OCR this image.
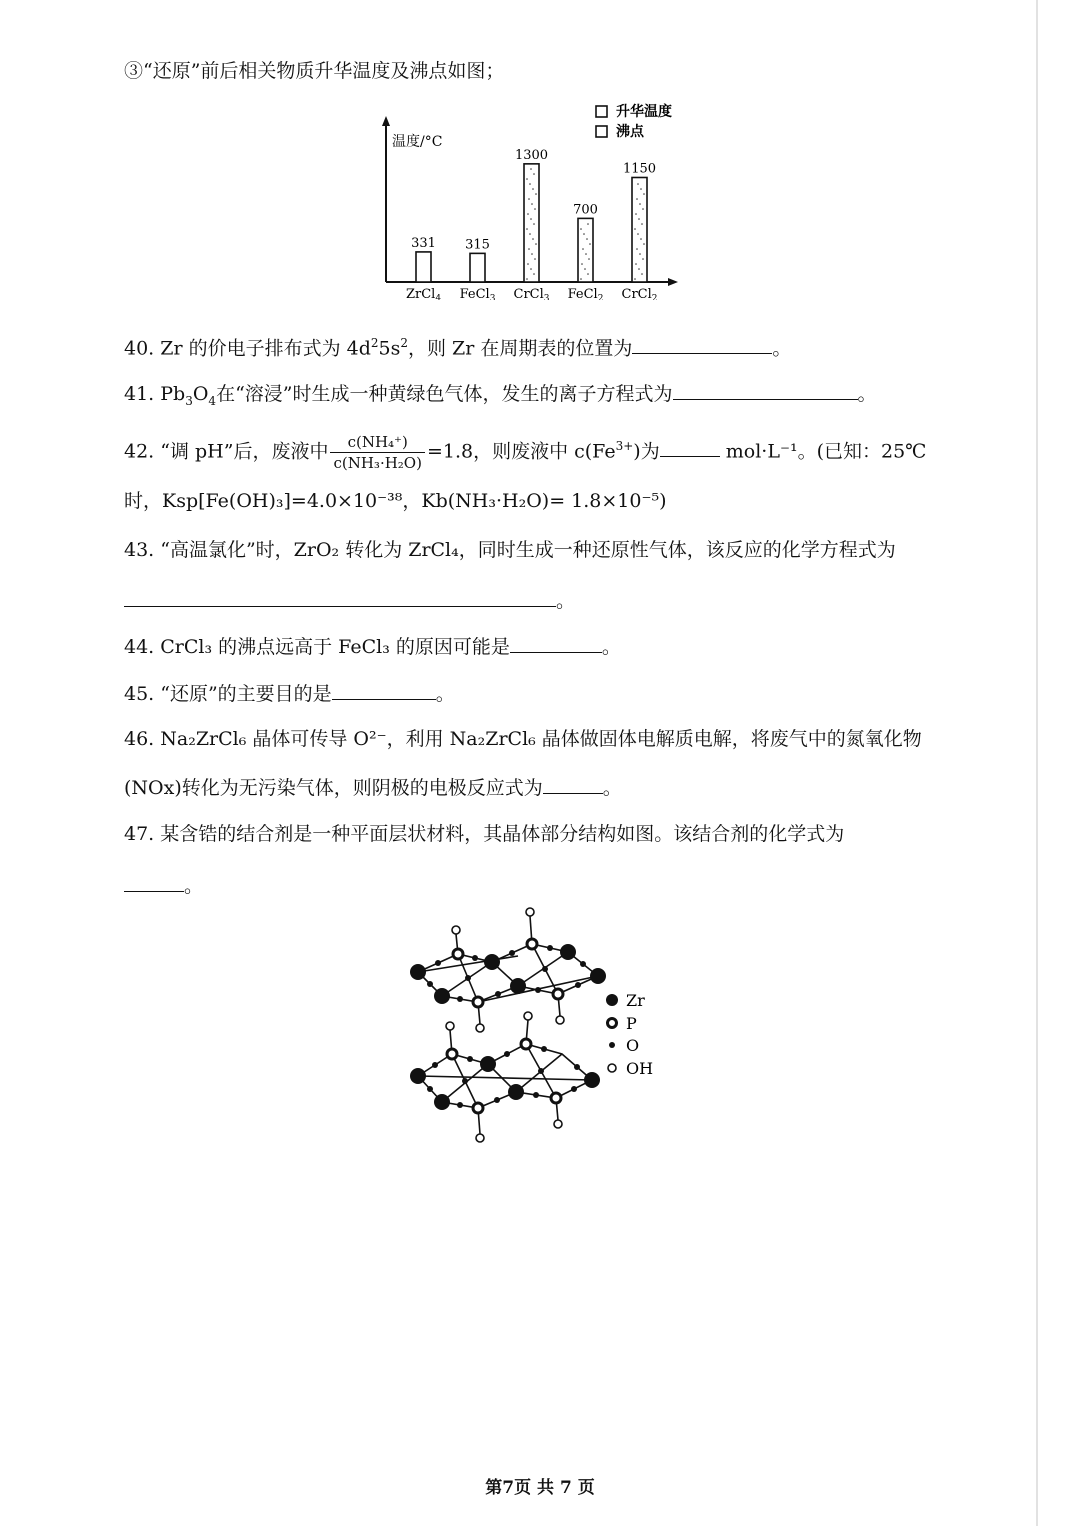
③“还原”前后相关物质升华温度及沸点如图；
温度/°C
331
ZrCl$_4$
315
FeCl$_3$
1300
CrCl$_3$
700
FeCl$_2$
1150
CrCl$_2$
升华温度
沸点
40. Zr 的价电子排布式为 $4d^25s^2$，则 Zr 在周期表的位置为	。
41. $Pb_3O_4$在“溶浸”时生成一种黄绿色气体，发生的离子方程式为	。
42. “调 pH”后，废液中 $\frac{\text{c(NH₄⁺)}}{\text{c(NH₃·H₂O)}} =1.8$，则废液中 $c(Fe^{3+})$为	mol·L⁻¹。(已知：25℃
时，Ksp[Fe(OH)₃]=4.0×10⁻³⁸，Kb(NH₃·H₂O)= 1.8×10⁻⁵)
43. “高温氯化”时，ZrO₂ 转化为 ZrCl₄，同时生成一种还原性气体，该反应的化学方程式为
。
44. CrCl₃ 的沸点远高于 FeCl₃ 的原因可能是	。
45. “还原”的主要目的是	。
46. Na₂ZrCl₆ 晶体可传导 O²⁻，利用 Na₂ZrCl₆ 晶体做固体电解质电解，将废气中的氮氧化物
(NOx)转化为无污染气体，则阴极的电极反应式为	。
47. 某含锆的结合剂是一种平面层状材料，其晶体部分结构如图。该结合剂的化学式为
。
Zr
P
O
OH
第7页 共 7 页
